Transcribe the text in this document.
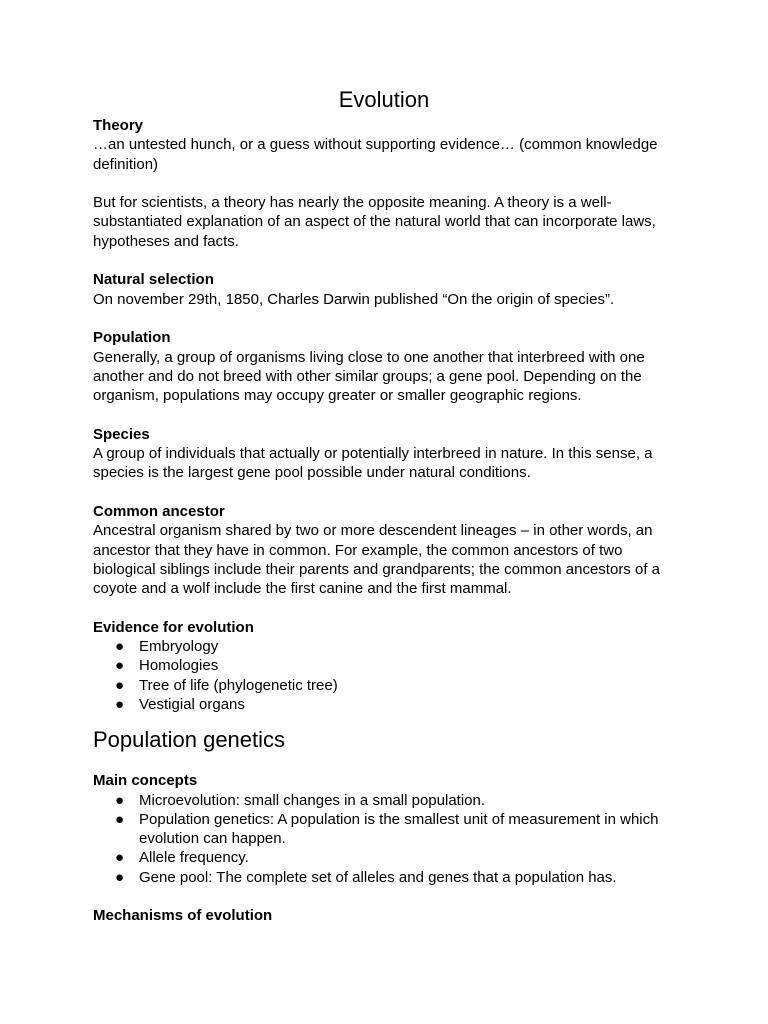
Evolution
Theory

…an untested hunch, or a guess without supporting evidence… (common knowledge definition)

But for scientists, a theory has nearly the opposite meaning. A theory is a well-substantiated explanation of an aspect of the natural world that can incorporate laws, hypotheses and facts.

Natural selection

On november 29th, 1850, Charles Darwin published “On the origin of species”.

Population

Generally, a group of organisms living close to one another that interbreed with one another and do not breed with other similar groups; a gene pool. Depending on the organism, populations may occupy greater or smaller geographic regions.

Species

A group of individuals that actually or potentially interbreed in nature. In this sense, a species is the largest gene pool possible under natural conditions.

Common ancestor

Ancestral organism shared by two or more descendent lineages – in other words, an ancestor that they have in common. For example, the common ancestors of two biological siblings include their parents and grandparents; the common ancestors of a coyote and a wolf include the first canine and the first mammal.

Evidence for evolution
● Embryology
● Homologies
● Tree of life (phylogenetic tree)
● Vestigial organs
Population genetics
Main concepts
● Microevolution: small changes in a small population.
● Population genetics: A population is the smallest unit of measurement in which evolution can happen.
● Allele frequency.
● Gene pool: The complete set of alleles and genes that a population has.
Mechanisms of evolution
